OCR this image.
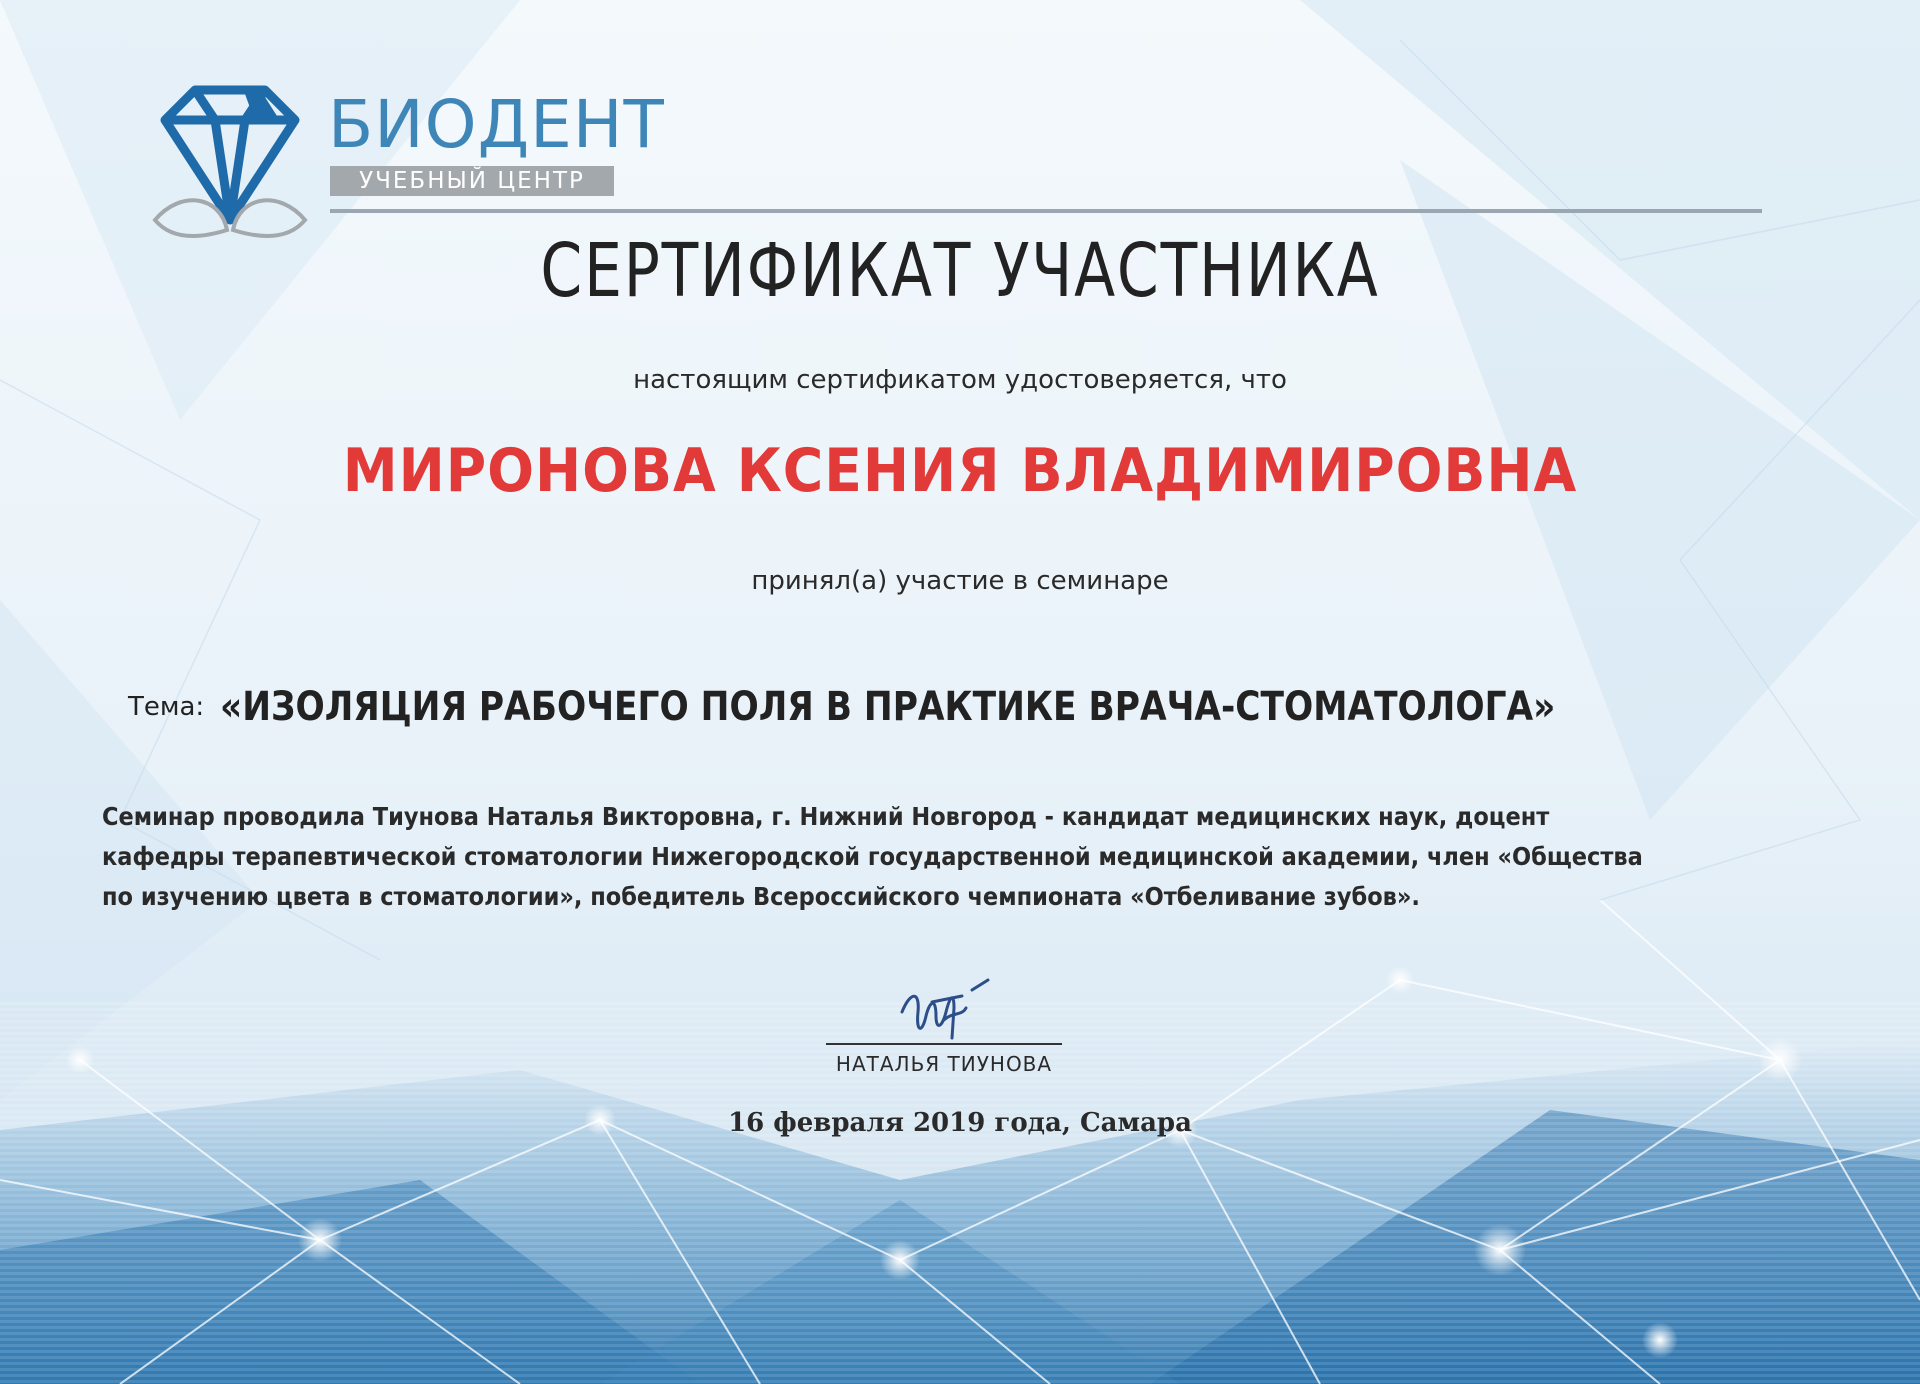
БИОДЕНТ
УЧЕБНЫЙ ЦЕНТР
СЕРТИФИКАТ УЧАСТНИКА
настоящим сертификатом удостоверяется, что
МИРОНОВА КСЕНИЯ ВЛАДИМИРОВНА
принял(а) участие в семинаре
Тема: «ИЗОЛЯЦИЯ РАБОЧЕГО ПОЛЯ В ПРАКТИКЕ ВРАЧА-СТОМАТОЛОГА»
Семинар проводила Тиунова Наталья Викторовна, г. Нижний Новгород - кандидат медицинских наук, доцент
кафедры терапевтической стоматологии Нижегородской государственной медицинской академии, член «Общества
по изучению цвета в стоматологии», победитель Всероссийского чемпионата «Отбеливание зубов».
НАТАЛЬЯ ТИУНОВА
16 февраля 2019 года, Самара
